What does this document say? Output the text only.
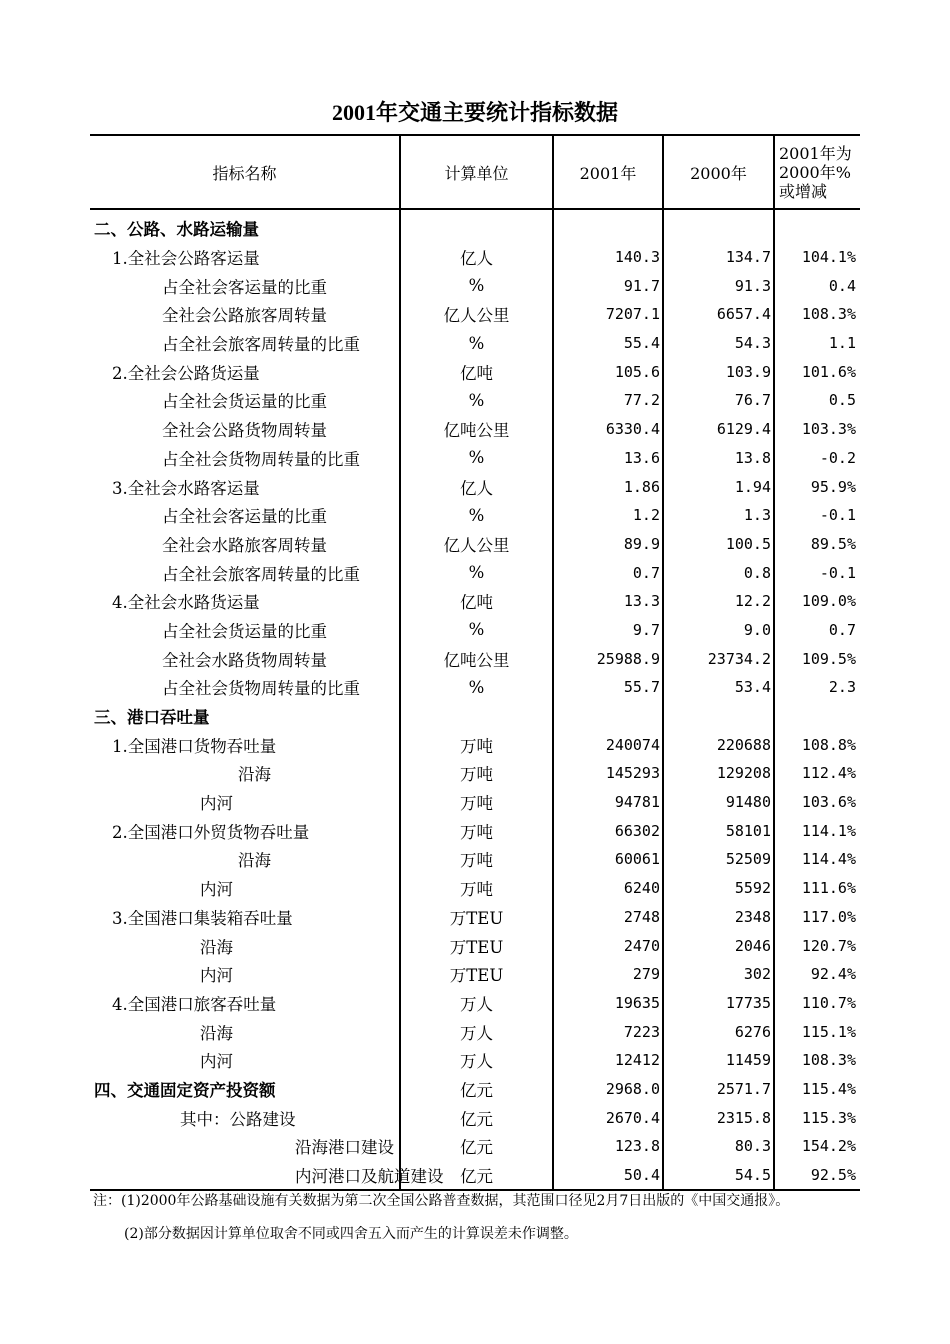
2001年交通主要统计指标数据
指标名称	计算单位	2001年	2000年	2001年为
2000年%
或增减
二、公路、水路运输量				
1.全社会公路客运量	亿人	140.3	134.7	104.1%
占全社会客运量的比重	%	91.7	91.3	0.4
全社会公路旅客周转量	亿人公里	7207.1	6657.4	108.3%
占全社会旅客周转量的比重	%	55.4	54.3	1.1
2.全社会公路货运量	亿吨	105.6	103.9	101.6%
占全社会货运量的比重	%	77.2	76.7	0.5
全社会公路货物周转量	亿吨公里	6330.4	6129.4	103.3%
占全社会货物周转量的比重	%	13.6	13.8	-0.2
3.全社会水路客运量	亿人	1.86	1.94	95.9%
占全社会客运量的比重	%	1.2	1.3	-0.1
全社会水路旅客周转量	亿人公里	89.9	100.5	89.5%
占全社会旅客周转量的比重	%	0.7	0.8	-0.1
4.全社会水路货运量	亿吨	13.3	12.2	109.0%
占全社会货运量的比重	%	9.7	9.0	0.7
全社会水路货物周转量	亿吨公里	25988.9	23734.2	109.5%
占全社会货物周转量的比重	%	55.7	53.4	2.3
三、港口吞吐量				
1.全国港口货物吞吐量	万吨	240074	220688	108.8%
沿海	万吨	145293	129208	112.4%
内河	万吨	94781	91480	103.6%
2.全国港口外贸货物吞吐量	万吨	66302	58101	114.1%
沿海	万吨	60061	52509	114.4%
内河	万吨	6240	5592	111.6%
3.全国港口集装箱吞吐量	万TEU	2748	2348	117.0%
沿海	万TEU	2470	2046	120.7%
内河	万TEU	279	302	92.4%
4.全国港口旅客吞吐量	万人	19635	17735	110.7%
沿海	万人	7223	6276	115.1%
内河	万人	12412	11459	108.3%
四、交通固定资产投资额	亿元	2968.0	2571.7	115.4%
其中：公路建设	亿元	2670.4	2315.8	115.3%
沿海港口建设	亿元	123.8	80.3	154.2%
内河港口及航道建设	亿元	50.4	54.5	92.5%
注：(1)2000年公路基础设施有关数据为第二次全国公路普查数据，其范围口径见2月7日出版的《中国交通报》。
(2)部分数据因计算单位取舍不同或四舍五入而产生的计算误差未作调整。
